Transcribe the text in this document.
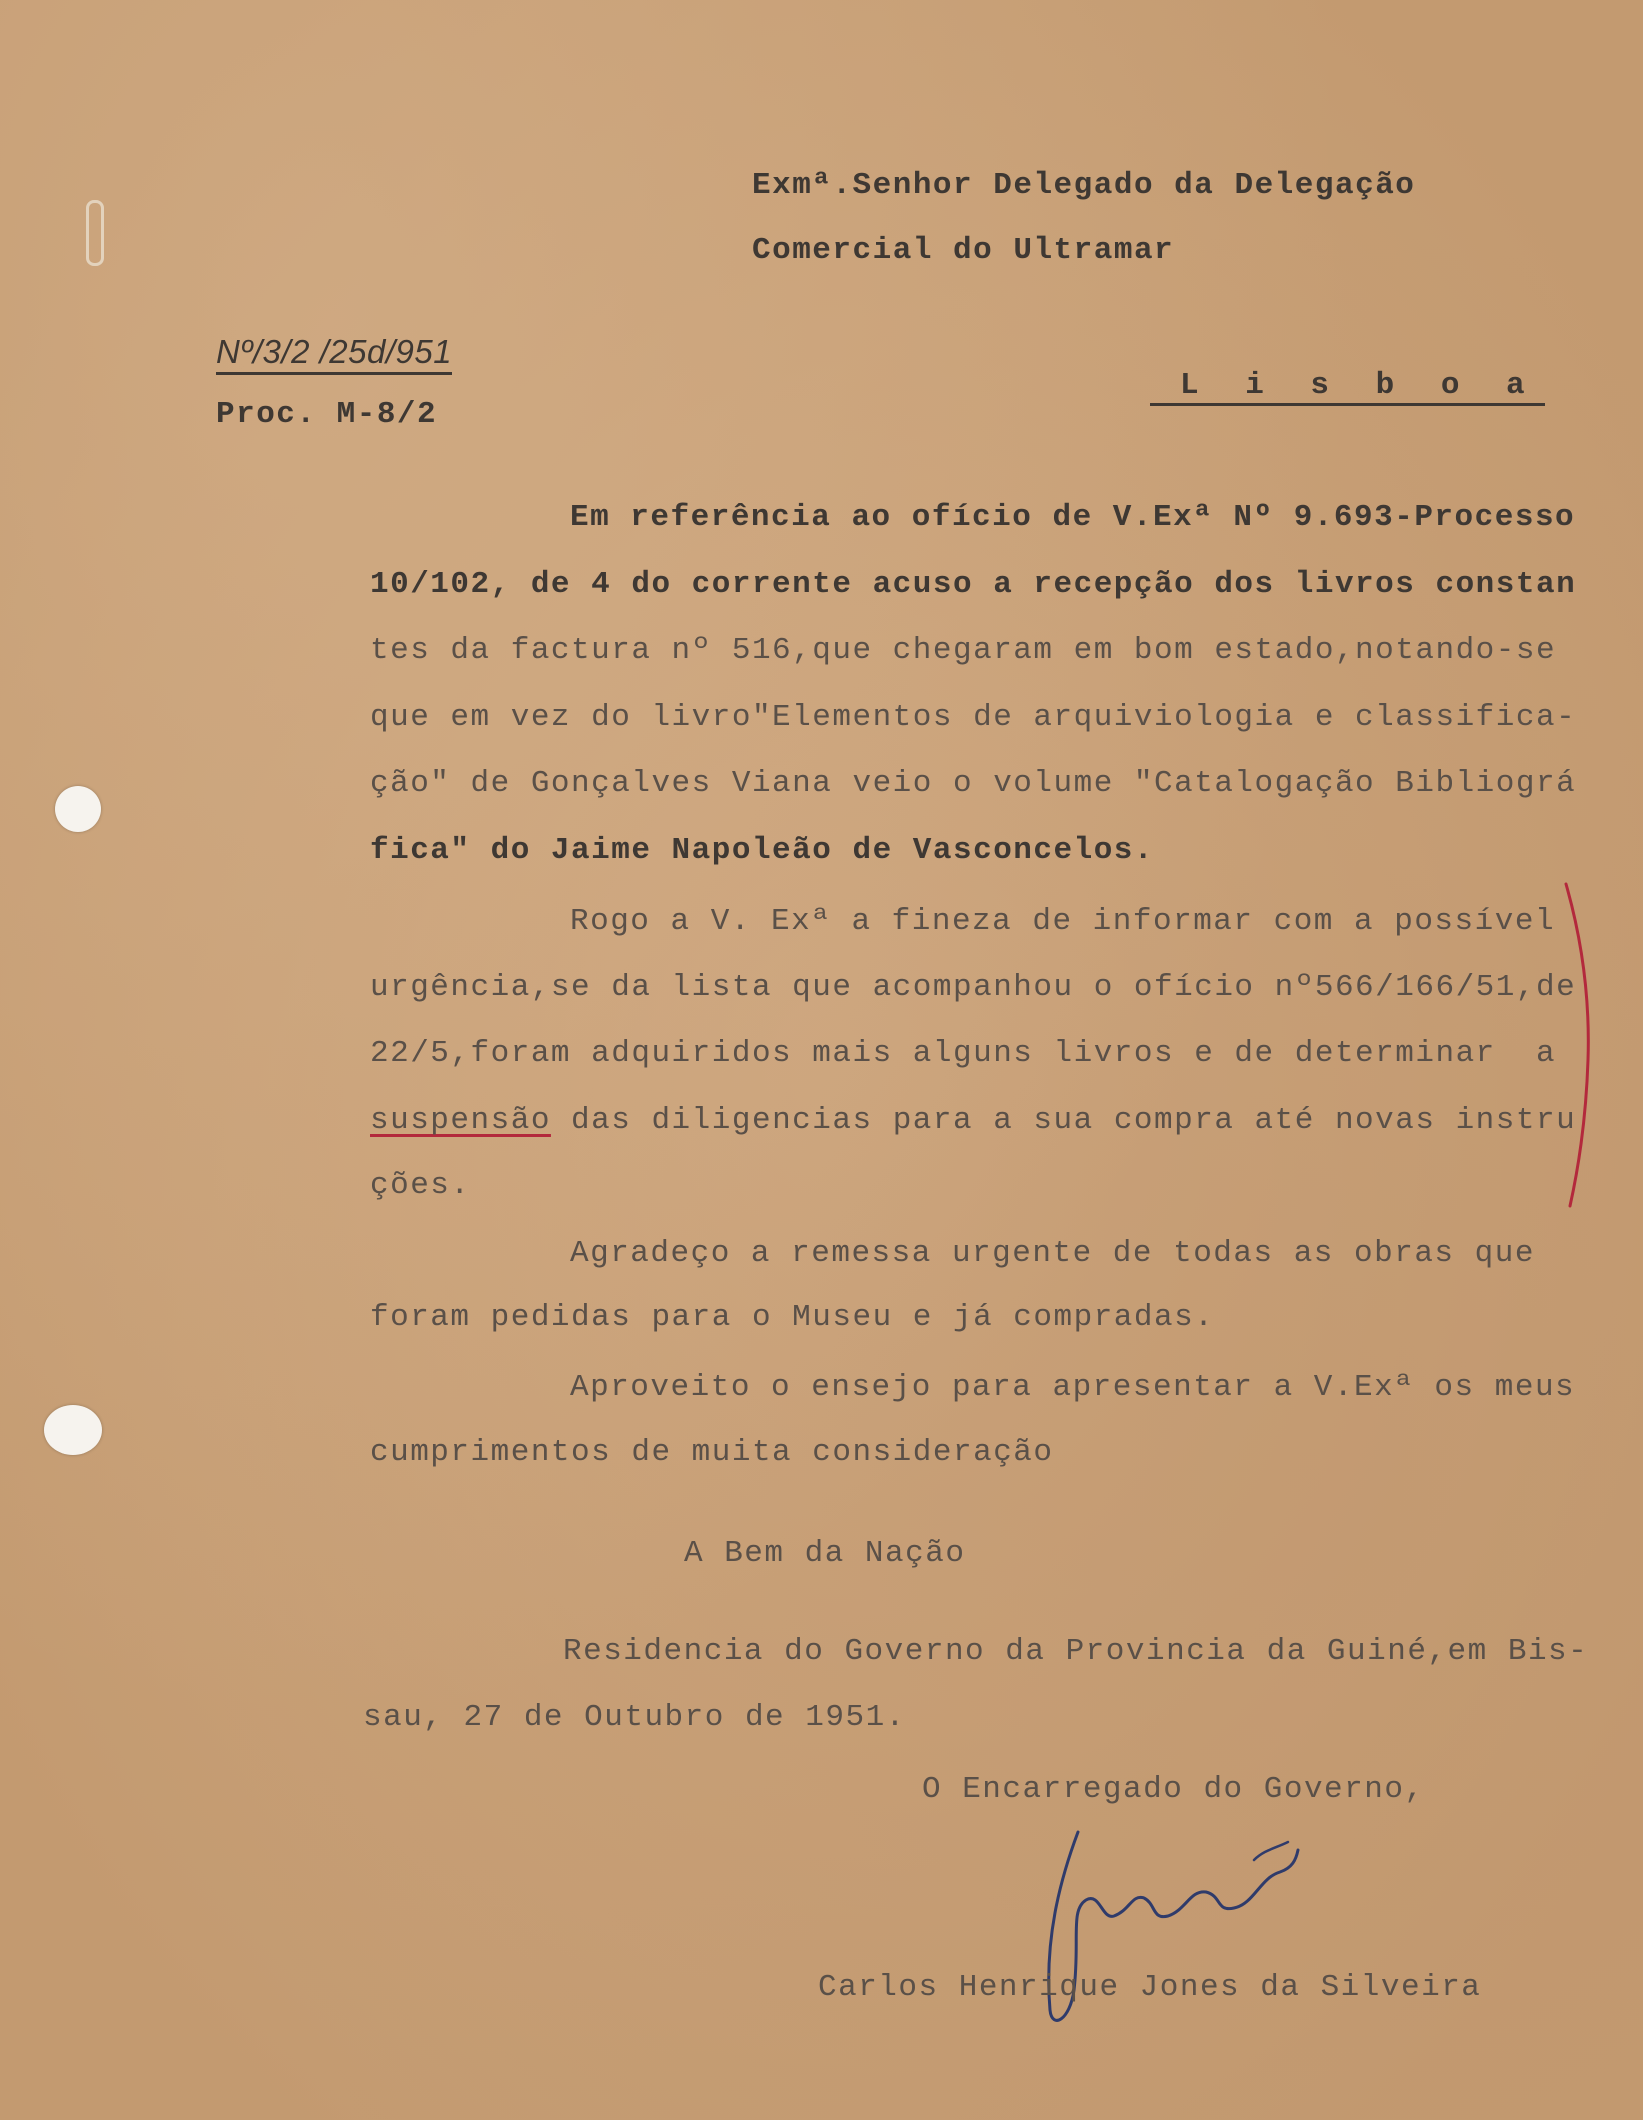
Exmª.Senhor Delegado da Delegação
Comercial do Ultramar
Nº/3/2 /25d/951
Proc. M-8/2
L i s b o a
Em referência ao ofício de V.Exª Nº 9.693-Processo
10/102, de 4 do corrente acuso a recepção dos livros constan
tes da factura nº 516,que chegaram em bom estado,notando-se
que em vez do livro"Elementos de arquiviologia e classifica-
ção" de Gonçalves Viana veio o volume "Catalogação Bibliográ
fica" do Jaime Napoleão de Vasconcelos.
Rogo a V. Exª a fineza de informar com a possível
urgência,se da lista que acompanhou o ofício nº566/166/51,de
22/5,foram adquiridos mais alguns livros e de determinar  a
suspensão das diligencias para a sua compra até novas instru
ções.
Agradeço a remessa urgente de todas as obras que
foram pedidas para o Museu e já compradas.
Aproveito o ensejo para apresentar a V.Exª os meus
cumprimentos de muita consideração
A Bem da Nação
Residencia do Governo da Provincia da Guiné,em Bis-
sau, 27 de Outubro de 1951.
O Encarregado do Governo,
Carlos Henrique Jones da Silveira
